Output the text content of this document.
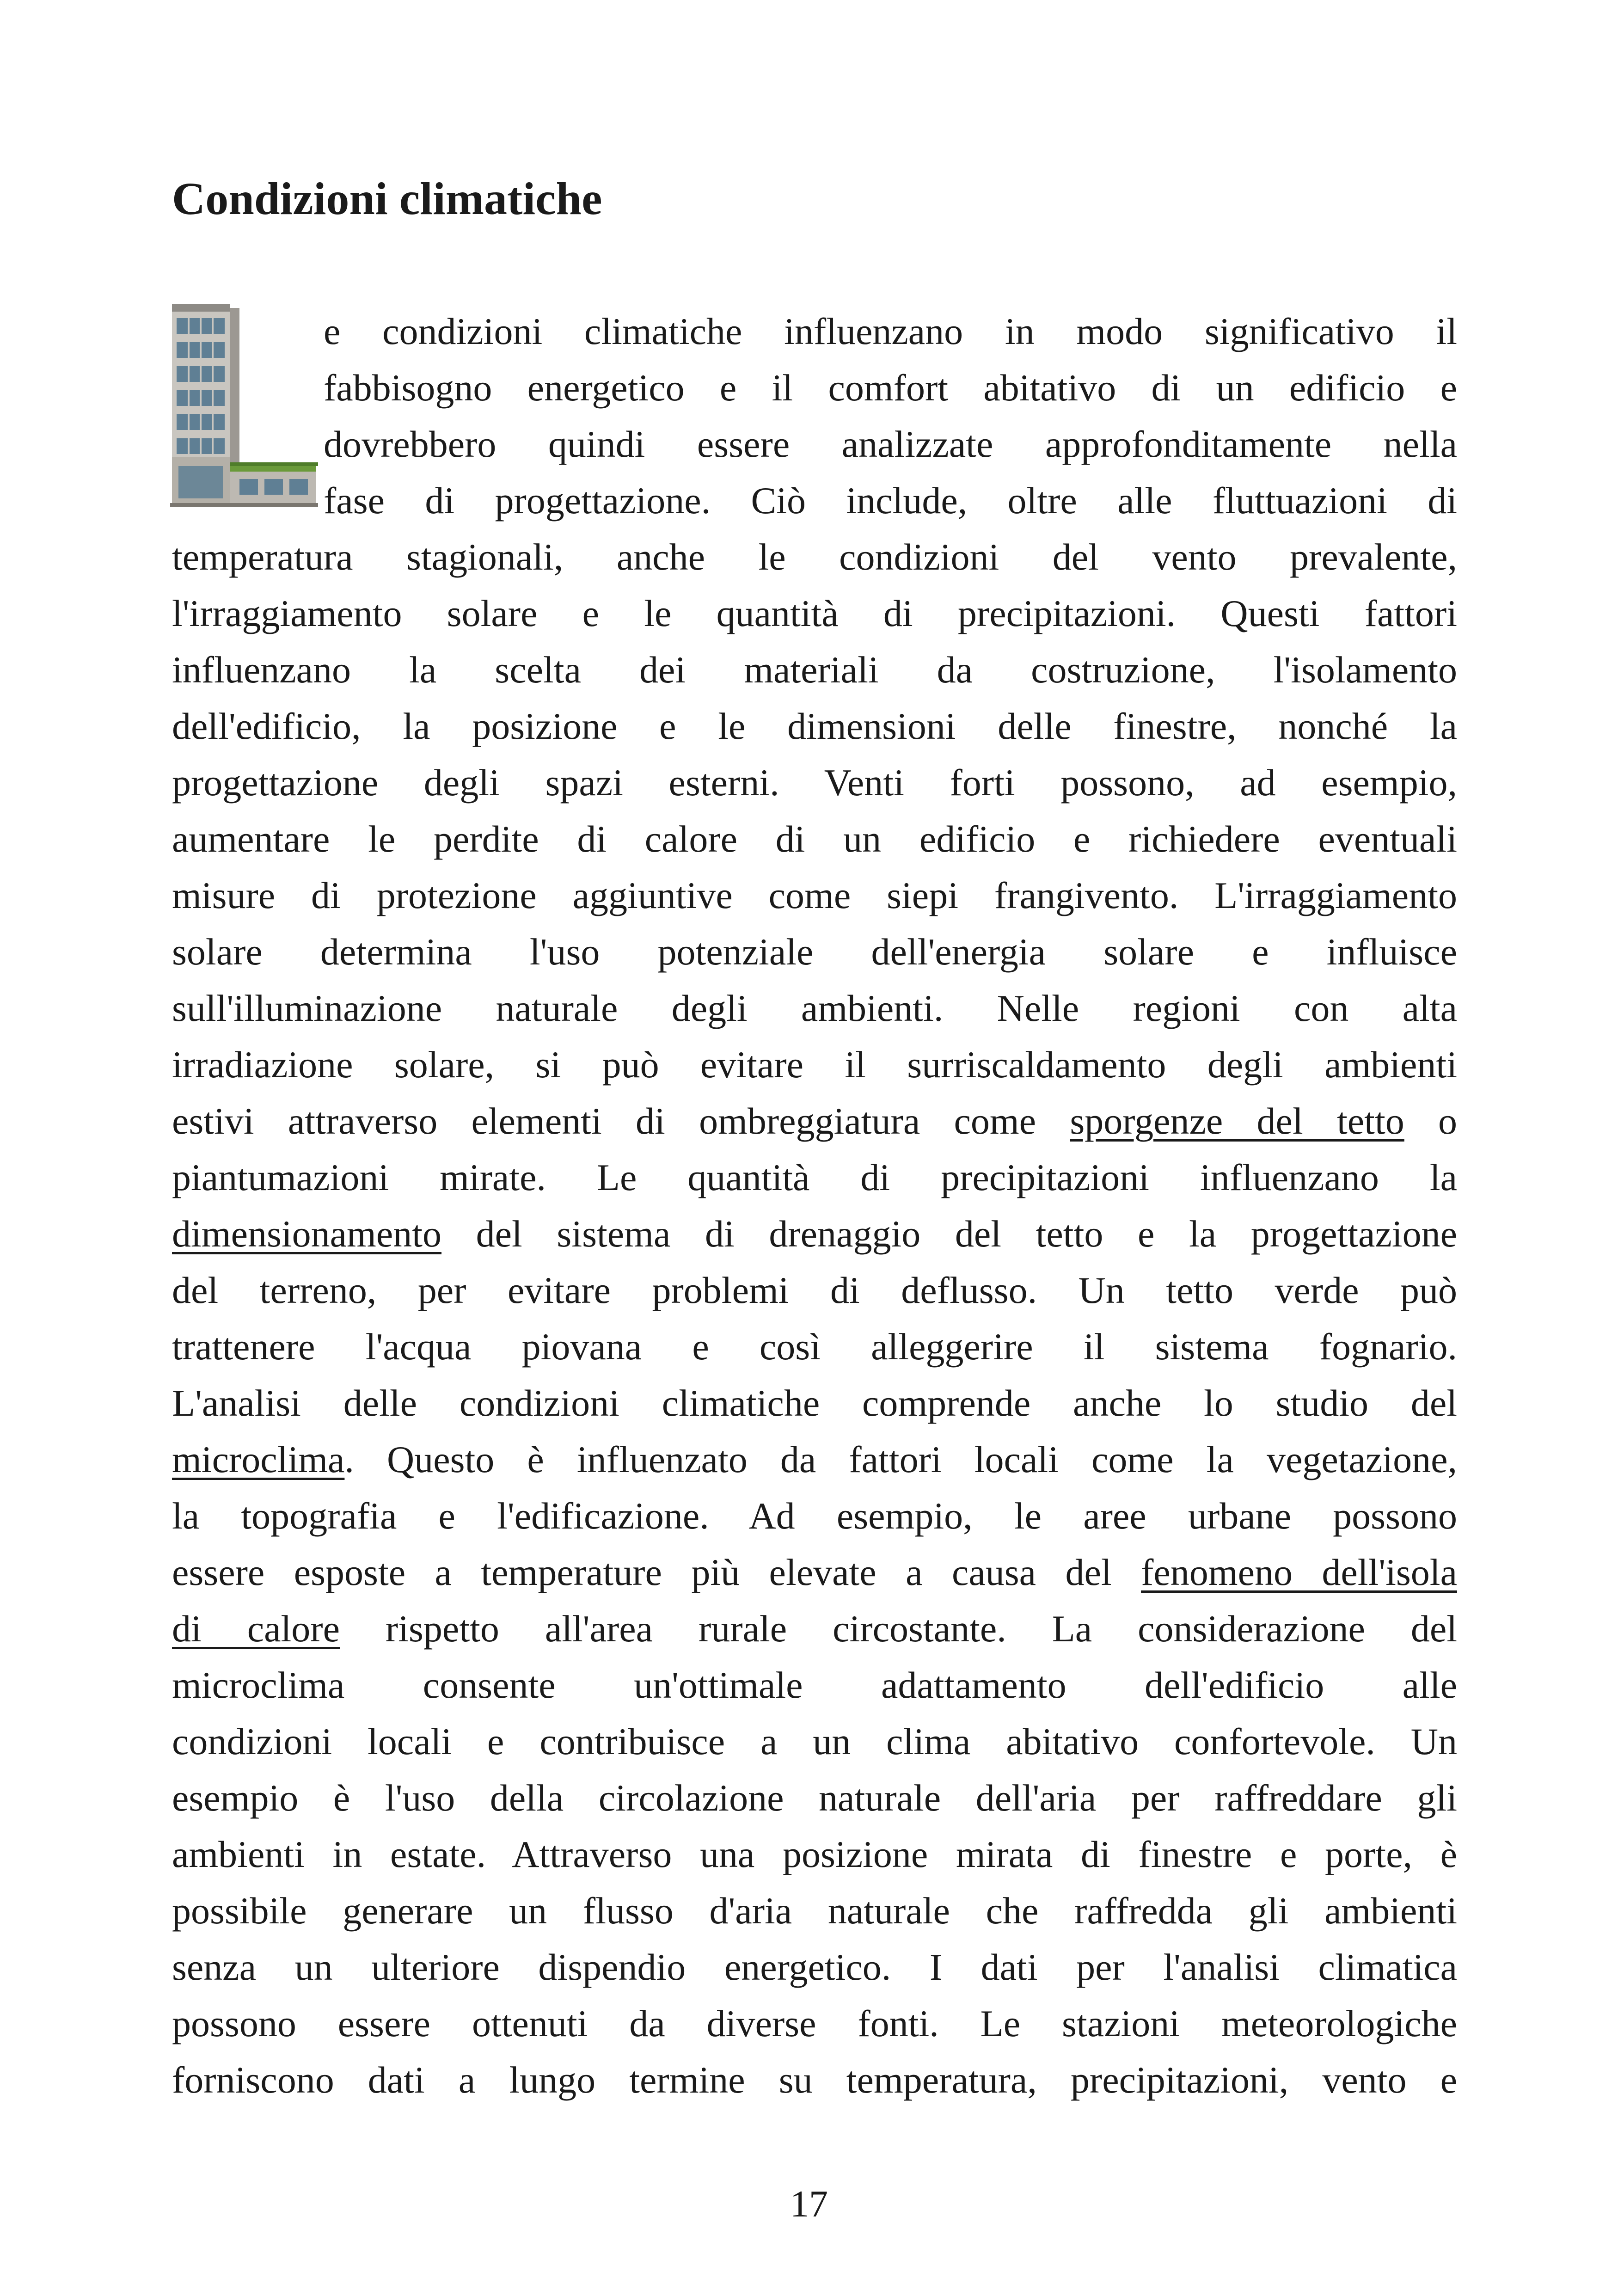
Condizioni climatiche
e condizioni climatiche influenzano in modo significativo il
fabbisogno energetico e il comfort abitativo di un edificio e
dovrebbero quindi essere analizzate approfonditamente nella
fase di progettazione. Ciò include, oltre alle fluttuazioni di
temperatura stagionali, anche le condizioni del vento prevalente,
l'irraggiamento solare e le quantità di precipitazioni. Questi fattori
influenzano la scelta dei materiali da costruzione, l'isolamento
dell'edificio, la posizione e le dimensioni delle finestre, nonché la
progettazione degli spazi esterni. Venti forti possono, ad esempio,
aumentare le perdite di calore di un edificio e richiedere eventuali
misure di protezione aggiuntive come siepi frangivento. L'irraggiamento
solare determina l'uso potenziale dell'energia solare e influisce
sull'illuminazione naturale degli ambienti. Nelle regioni con alta
irradiazione solare, si può evitare il surriscaldamento degli ambienti
estivi attraverso elementi di ombreggiatura come sporgenze del tetto o
piantumazioni mirate. Le quantità di precipitazioni influenzano la
dimensionamento del sistema di drenaggio del tetto e la progettazione
del terreno, per evitare problemi di deflusso. Un tetto verde può
trattenere l'acqua piovana e così alleggerire il sistema fognario.
L'analisi delle condizioni climatiche comprende anche lo studio del
microclima. Questo è influenzato da fattori locali come la vegetazione,
la topografia e l'edificazione. Ad esempio, le aree urbane possono
essere esposte a temperature più elevate a causa del fenomeno dell'isola
di calore rispetto all'area rurale circostante. La considerazione del
microclima consente un'ottimale adattamento dell'edificio alle
condizioni locali e contribuisce a un clima abitativo confortevole. Un
esempio è l'uso della circolazione naturale dell'aria per raffreddare gli
ambienti in estate. Attraverso una posizione mirata di finestre e porte, è
possibile generare un flusso d'aria naturale che raffredda gli ambienti
senza un ulteriore dispendio energetico. I dati per l'analisi climatica
possono essere ottenuti da diverse fonti. Le stazioni meteorologiche
forniscono dati a lungo termine su temperatura, precipitazioni, vento e
17
